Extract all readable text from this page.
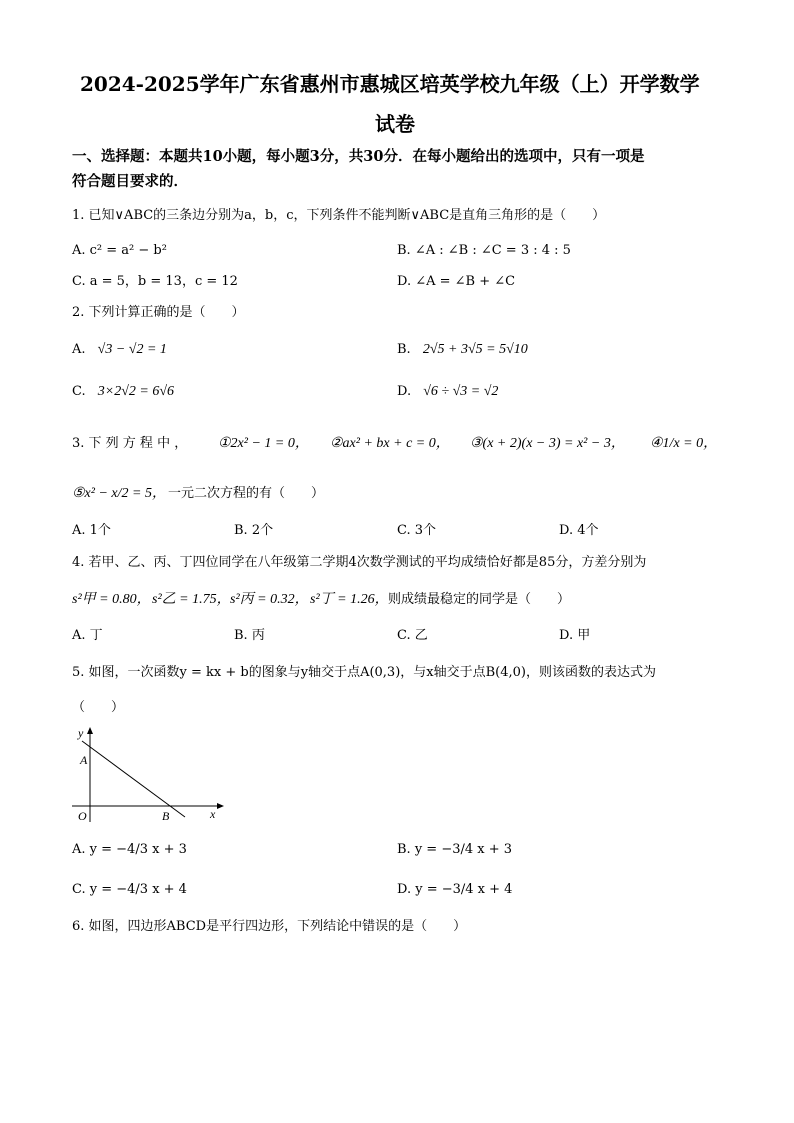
2024-2025学年广东省惠州市惠城区培英学校九年级（上）开学数学
试卷
一、选择题：本题共10小题，每小题3分，共30分．在每小题给出的选项中，只有一项是
符合题目要求的．
1. 已知∨ABC的三条边分别为a，b，c，下列条件不能判断∨ABC是直角三角形的是（　　）
A. c² = a² − b²	B. ∠A : ∠B : ∠C = 3 : 4 : 5
C. a = 5，b = 13，c = 12	D. ∠A = ∠B + ∠C
2. 下列计算正确的是（　　）
A. √3 − √2 = 1	B. 2√5 + 3√5 = 5√10
C. 3×2√2 = 6√6	D. √6 ÷ √3 = √2
3. 下 列 方 程 中 ， ①2x² − 1 = 0， ②ax² + bx + c = 0， ③(x + 2)(x − 3) = x² − 3， ④1/x = 0，
⑤x² − x/2 = 5， 一元二次方程的有（　　）
A. 1个	B. 2个	C. 3个	D. 4个
4. 若甲、乙、丙、丁四位同学在八年级第二学期4次数学测试的平均成绩恰好都是85分，方差分别为
s²甲 = 0.80， s²乙 = 1.75， s²丙 = 0.32， s²丁 = 1.26， 则成绩最稳定的同学是（　　）
A. 丁	B. 丙	C. 乙	D. 甲
5. 如图，一次函数y = kx + b的图象与y轴交于点A(0,3)，与x轴交于点B(4,0)，则该函数的表达式为
（　　）
y
x
A
O	B
A. y = −4/3 x + 3	B. y = −3/4 x + 3
C. y = −4/3 x + 4	D. y = −3/4 x + 4
6. 如图，四边形ABCD是平行四边形，下列结论中错误的是（　　）
